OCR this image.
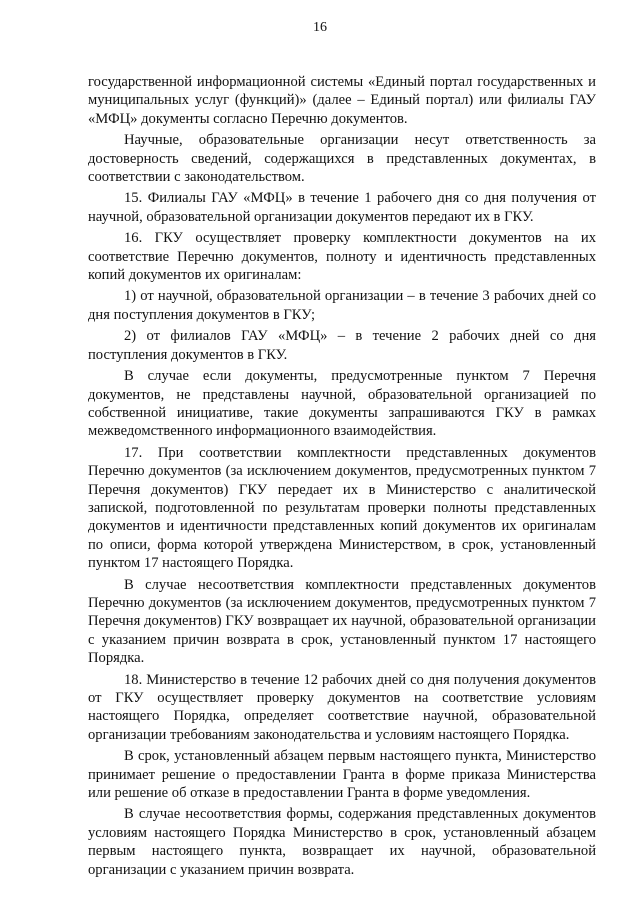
16

государственной информационной системы «Единый портал государственных и муниципальных услуг (функций)» (далее – Единый портал) или филиалы ГАУ «МФЦ» документы согласно Перечню документов.

Научные, образовательные организации несут ответственность за достоверность сведений, содержащихся в представленных документах, в соответствии с законодательством.

15. Филиалы ГАУ «МФЦ» в течение 1 рабочего дня со дня получения от научной, образовательной организации документов передают их в ГКУ.

16. ГКУ осуществляет проверку комплектности документов на их соответствие Перечню документов, полноту и идентичность представленных копий документов их оригиналам:

1) от научной, образовательной организации – в течение 3 рабочих дней со дня поступления документов в ГКУ;

2) от филиалов ГАУ «МФЦ» – в течение 2 рабочих дней со дня поступления документов в ГКУ.

В случае если документы, предусмотренные пунктом 7 Перечня документов, не представлены научной, образовательной организацией по собственной инициативе, такие документы запрашиваются ГКУ в рамках межведомственного информационного взаимодействия.

17. При соответствии комплектности представленных документов Перечню документов (за исключением документов, предусмотренных пунктом 7 Перечня документов) ГКУ передает их в Министерство с аналитической запиской, подготовленной по результатам проверки полноты представленных документов и идентичности представленных копий документов их оригиналам по описи, форма которой утверждена Министерством, в срок, установленный пунктом 17 настоящего Порядка.

В случае несоответствия комплектности представленных документов Перечню документов (за исключением документов, предусмотренных пунктом 7 Перечня документов) ГКУ возвращает их научной, образовательной организации с указанием причин возврата в срок, установленный пунктом 17 настоящего Порядка.

18. Министерство в течение 12 рабочих дней со дня получения документов от ГКУ осуществляет проверку документов на соответствие условиям настоящего Порядка, определяет соответствие научной, образовательной организации требованиям законодательства и условиям настоящего Порядка.

В срок, установленный абзацем первым настоящего пункта, Министерство принимает решение о предоставлении Гранта в форме приказа Министерства или решение об отказе в предоставлении Гранта в форме уведомления.

В случае несоответствия формы, содержания представленных документов условиям настоящего Порядка Министерство в срок, установленный абзацем первым настоящего пункта, возвращает их научной, образовательной организации с указанием причин возврата.
